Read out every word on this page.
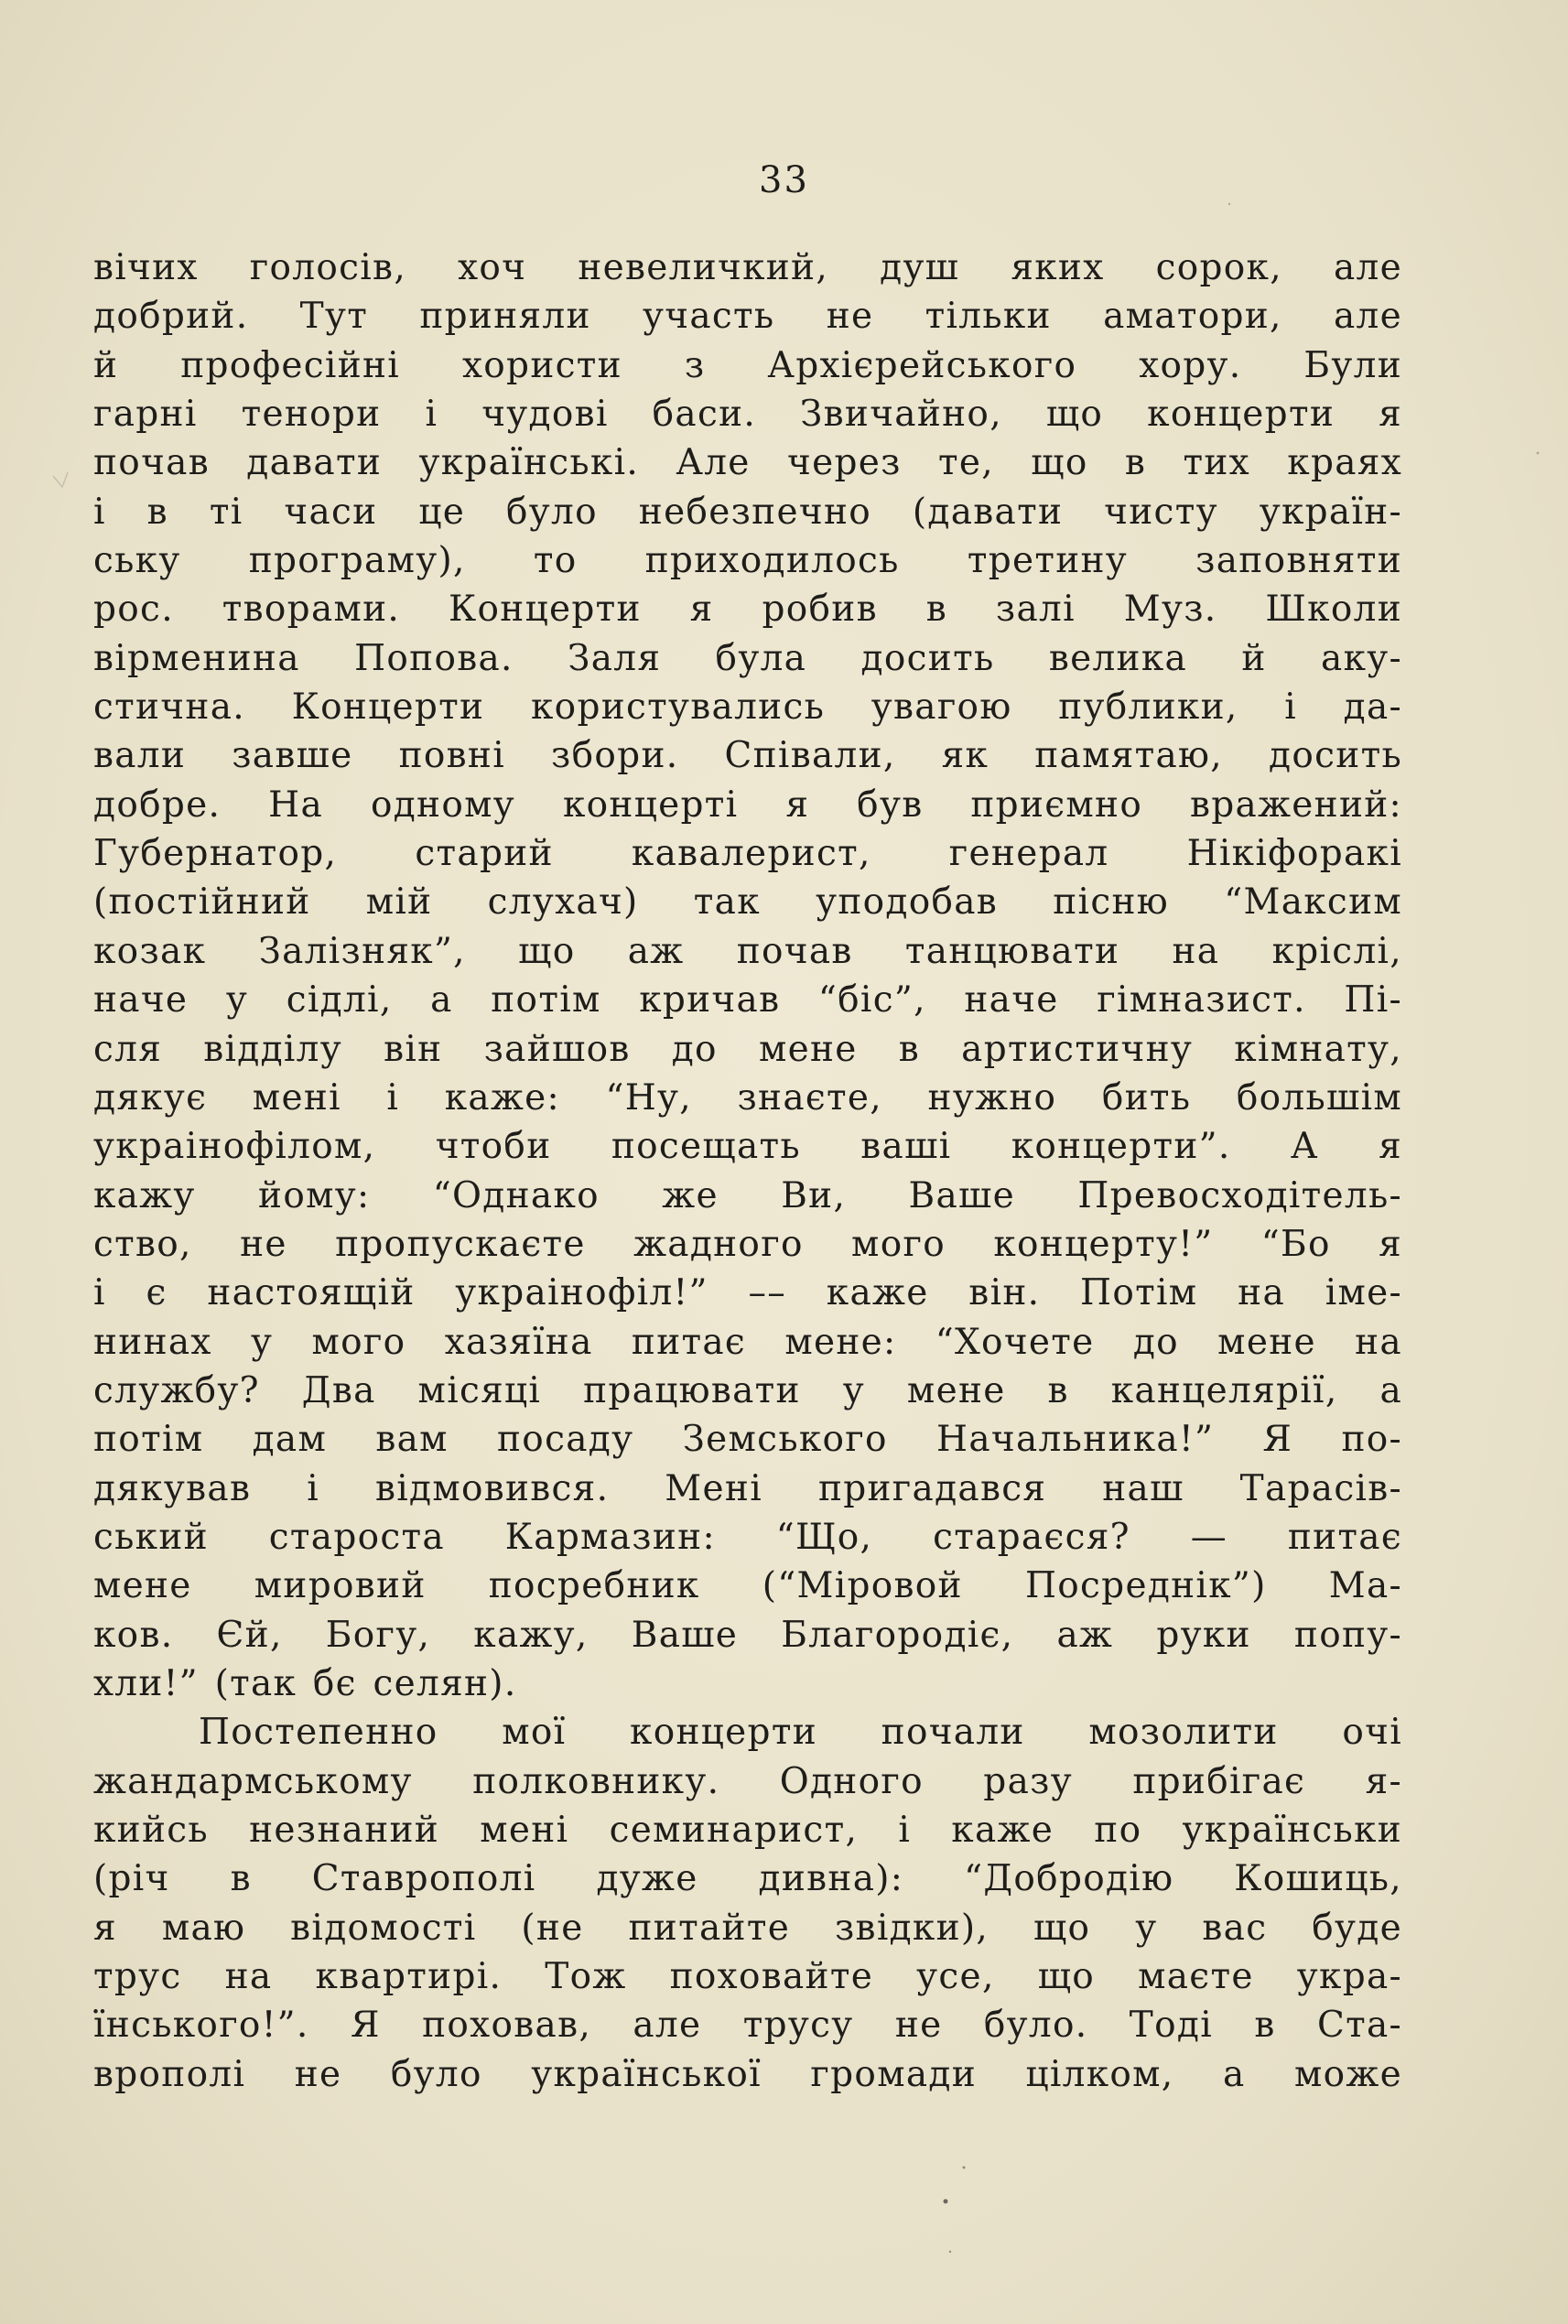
33
вічих голосів, хоч невеличкий, душ яких сорок, але
добрий. Тут приняли участь не тільки аматори, але
й професійні хористи з Архієрейського хору. Були
гарні тенори і чудові баси. Звичайно, що концерти я
почав давати українські. Але через те, що в тих краях
і в ті часи це було небезпечно (давати чисту україн-
ську програму), то приходилось третину заповняти
рос. творами. Концерти я робив в залі Муз. Школи
вірменина Попова. Заля була досить велика й аку-
стична. Концерти користувались увагою публики, і да-
вали завше повні збори. Співали, як памятаю, досить
добре. На одному концерті я був приємно вражений:
Губернатор, старий кавалерист, генерал Нікіфоракі
(постійний мій слухач) так уподобав пісню “Максим
козак Залізняк”, що аж почав танцювати на кріслі,
наче у сідлі, а потім кричав “біс”, наче гімназист. Пі-
сля відділу він зайшов до мене в артистичну кімнату,
дякує мені і каже: “Ну, знаєте, нужно бить большім
украінофілом, чтоби посещать ваші концерти”. А я
кажу йому: “Однако же Ви, Ваше Превосходітель-
ство, не пропускаєте жадного мого концерту!” “Бо я
і є настоящій украінофіл!” –– каже він. Потім на іме-
нинах у мого хазяїна питає мене: “Хочете до мене на
службу? Два місяці працювати у мене в канцелярії, а
потім дам вам посаду Земського Начальника!” Я по-
дякував і відмовився. Мені пригадався наш Тарасів-
ський староста Кармазин: “Що, стараєся? — питає
мене мировий посребник (“Міровой Посреднік”) Ма-
ков. Єй, Богу, кажу, Ваше Благородіє, аж руки попу-
хли!” (так бє селян).
Постепенно мої концерти почали мозолити очі
жандармському полковнику. Одного разу прибігає я-
кийсь незнаний мені семинарист, і каже по українськи
(річ в Ставрополі дуже дивна): “Добродію Кошиць,
я маю відомості (не питайте звідки), що у вас буде
трус на квартирі. Тож поховайте усе, що маєте укра-
їнського!”. Я поховав, але трусу не було. Тоді в Ста-
врополі не було української громади цілком, а може
